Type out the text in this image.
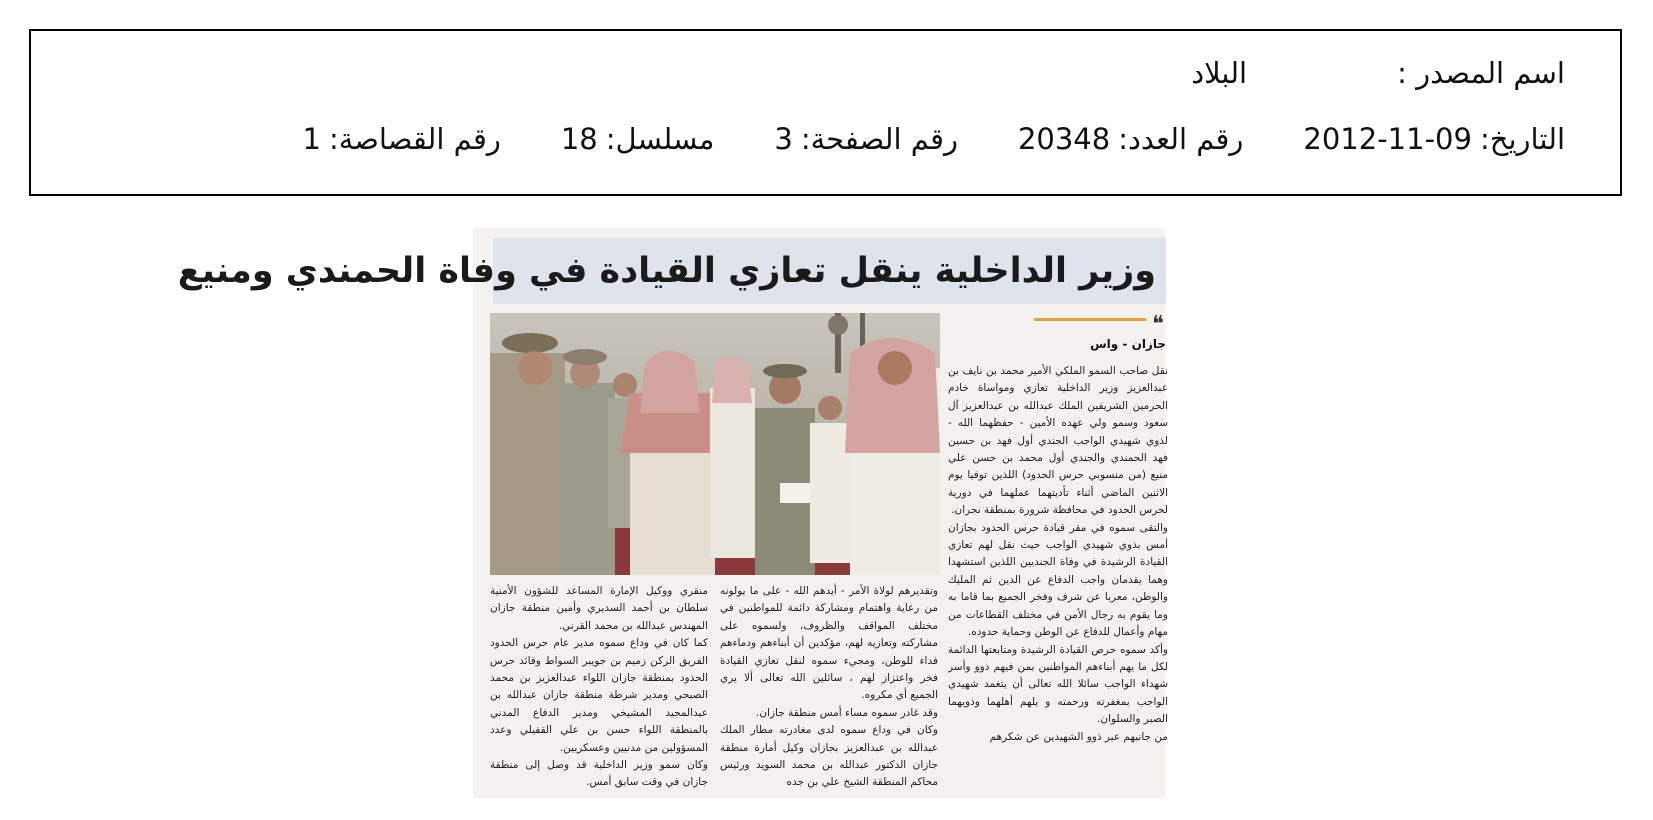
اسم المصدر :
البلاد
التاريخ:
2012-11-09
رقم العدد:
20348
رقم الصفحة:
3
مسلسل:
18
رقم القصاصة:
1
وزير الداخلية ينقل تعازي القيادة في وفاة الحمندي ومنيع
❝
جازان - واس

نقل صاحب السمو الملكي الأمير محمد بن نايف بن عبدالعزيز وزير الداخلية تعازي ومواساة خادم الحرمين الشريفين الملك عبدالله بن عبدالعزيز آل سعود وسمو ولي عهده الأمين - حفظهما الله - لذوي شهيدي الواجب الجندي أول فهد بن حسين فهد الحمندي والجندي أول محمد بن حسن علي منيع (من منسوبي حرس الحدود) اللذين توفيا يوم الاثنين الماضي أثناء تأديتهما عملهما في دورية لحرس الحدود في محافظة شرورة بمنطقة نجران.

والتقى سموه في مقر قيادة حرس الحدود بجازان أمس بذوي شهيدي الواجب حيث نقل لهم تعازي القيادة الرشيدة في وفاة الجنديين اللذين استشهدا وهما يقدمان واجب الدفاع عن الدين ثم المليك والوطن، معربا عن شرف وفخر الجميع بما قاما به وما يقوم به رجال الأمن في مختلف القطاعات من مهام وأعمال للدفاع عن الوطن وحماية حدوده.

وأكد سموه حرص القيادة الرشيدة ومتابعتها الدائمة لكل ما يهم أبناءهم المواطنين بمن فيهم ذوو وأسر شهداء الواجب سائلا الله تعالى أن يتغمد شهيدي الواجب بمغفرته ورحمته و يلهم أهلهما وذويهما الصبر والسلوان.

من جانبهم عبر ذوو الشهيدين عن شكرهم

وتقديرهم لولاة الأمر - أيدهم الله - على ما يولونه من رعاية واهتمام ومشاركة دائمة للمواطنين في مختلف المواقف والظروف، ولسموه على مشاركته وتعازيه لهم، مؤكدين أن أبناءهم ودماءهم فداء للوطن، ومجيء سموه لنقل تعازي القيادة فخر واعتزاز لهم ، سائلين الله تعالى ألا يري الجميع أي مكروه.

وقد غادر سموه مساء أمس منطقة جازان.

وكان في وداع سموه لدى مغادرته مطار الملك عبدالله بن عبدالعزيز بجازان وكيل أمارة منطقة جازان الدكتور عبدالله بن محمد السويد ورئيس محاكم المنطقة الشيخ علي بن جده

منقري ووكيل الإمارة المساعد للشؤون الأمنية سلطان بن أحمد السديري وأمين منطقة جازان المهندس عبدالله بن محمد القرني.

كما كان في وداع سموه مدير عام حرس الحدود الفريق الركن زميم بن جويبر السواط وقائد حرس الحدود بمنطقة جازان اللواء عبدالعزيز بن محمد الصبحي ومدير شرطة منطقة جازان عبدالله بن عبدالمجيد المشيخي ومدير الدفاع المدني بالمنطقة اللواء حسن بن علي القفيلي وعدد المسؤولين من مدنيين وعسكريين.

وكان سمو وزير الداخلية قد وصل إلى منطقة جازان في وقت سابق أمس.
